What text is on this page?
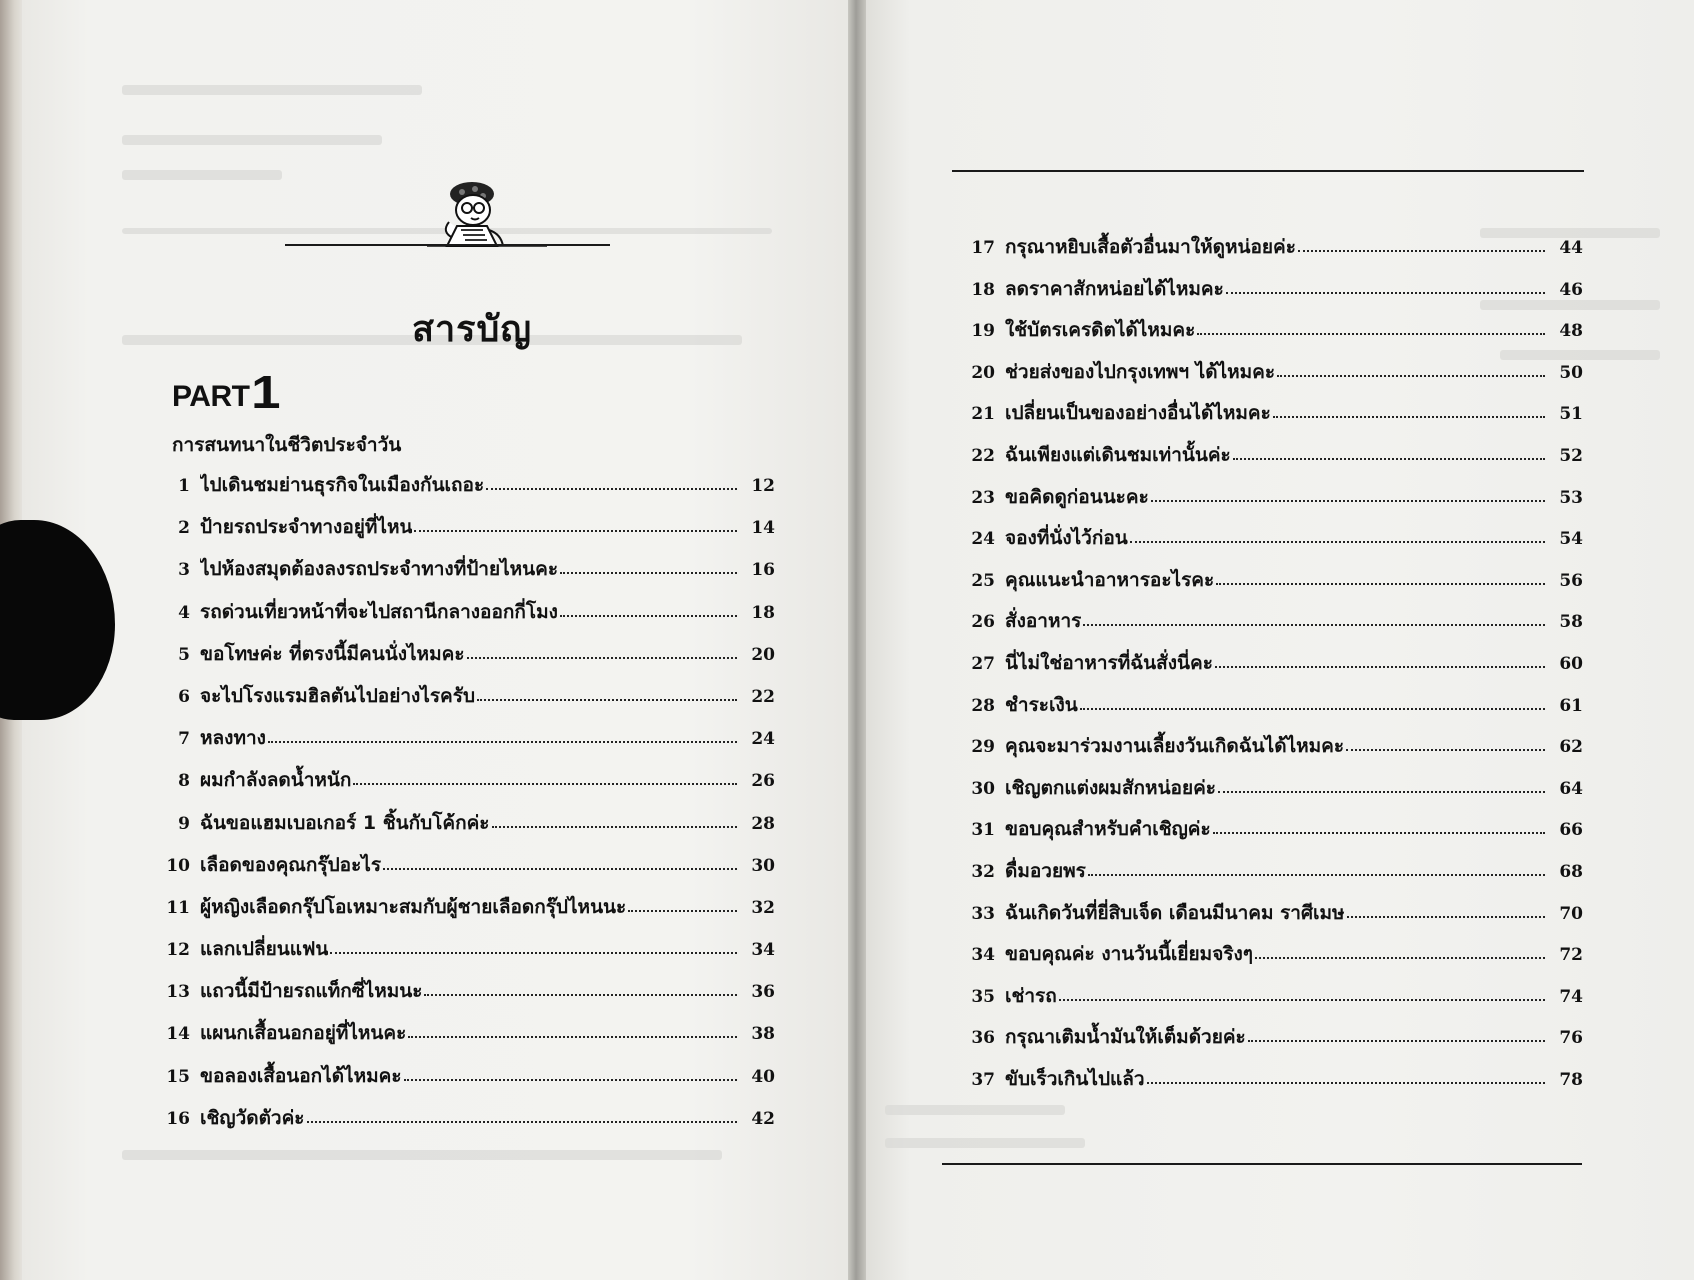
สารบัญ
PART 1
การสนทนาในชีวิตประจำวัน
1 ไปเดินชมย่านธุรกิจในเมืองกันเถอะ	12
2 ป้ายรถประจำทางอยู่ที่ไหน	14
3 ไปห้องสมุดต้องลงรถประจำทางที่ป้ายไหนคะ	16
4 รถด่วนเที่ยวหน้าที่จะไปสถานีกลางออกกี่โมง	18
5 ขอโทษค่ะ ที่ตรงนี้มีคนนั่งไหมคะ	20
6 จะไปโรงแรมฮิลตันไปอย่างไรครับ	22
7 หลงทาง	24
8 ผมกำลังลดน้ำหนัก	26
9 ฉันขอแฮมเบอเกอร์ 1 ชิ้นกับโค้กค่ะ	28
10 เลือดของคุณกรุ๊ปอะไร	30
11 ผู้หญิงเลือดกรุ๊ปโอเหมาะสมกับผู้ชายเลือดกรุ๊ปไหนนะ	32
12 แลกเปลี่ยนแฟน	34
13 แถวนี้มีป้ายรถแท็กซี่ไหมนะ	36
14 แผนกเสื้อนอกอยู่ที่ไหนคะ	38
15 ขอลองเสื้อนอกได้ไหมคะ	40
16 เชิญวัดตัวค่ะ	42
17 กรุณาหยิบเสื้อตัวอื่นมาให้ดูหน่อยค่ะ	44
18 ลดราคาสักหน่อยได้ไหมคะ	46
19 ใช้บัตรเครดิตได้ไหมคะ	48
20 ช่วยส่งของไปกรุงเทพฯ ได้ไหมคะ	50
21 เปลี่ยนเป็นของอย่างอื่นได้ไหมคะ	51
22 ฉันเพียงแต่เดินชมเท่านั้นค่ะ	52
23 ขอคิดดูก่อนนะคะ	53
24 จองที่นั่งไว้ก่อน	54
25 คุณแนะนำอาหารอะไรคะ	56
26 สั่งอาหาร	58
27 นี่ไม่ใช่อาหารที่ฉันสั่งนี่คะ	60
28 ชำระเงิน	61
29 คุณจะมาร่วมงานเลี้ยงวันเกิดฉันได้ไหมคะ	62
30 เชิญตกแต่งผมสักหน่อยค่ะ	64
31 ขอบคุณสำหรับคำเชิญค่ะ	66
32 ดื่มอวยพร	68
33 ฉันเกิดวันที่ยี่สิบเจ็ด เดือนมีนาคม ราศีเมษ	70
34 ขอบคุณค่ะ งานวันนี้เยี่ยมจริงๆ	72
35 เช่ารถ	74
36 กรุณาเติมน้ำมันให้เต็มด้วยค่ะ	76
37 ขับเร็วเกินไปแล้ว	78
